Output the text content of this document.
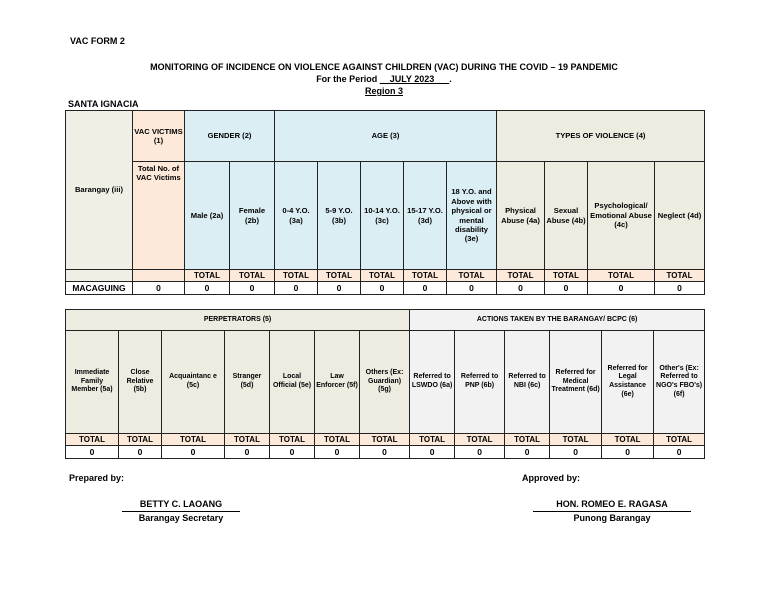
VAC FORM 2
MONITORING OF INCIDENCE ON VIOLENCE AGAINST CHILDREN (VAC) DURING THE COVID – 19 PANDEMIC
For the Period JULY 2023 .
Region 3
SANTA IGNACIA
Barangay (iii)	VAC VICTIMS (1)	GENDER (2)		AGE (3)					TYPES OF VIOLENCE (4)			
	Total No. of VAC Victims	Male (2a)	Female (2b)	0-4 Y.O. (3a)	5-9 Y.O. (3b)	10-14 Y.O. (3c)	15-17 Y.O. (3d)	18 Y.O. and Above with physical or mental disability (3e)	Physical Abuse (4a)	Sexual Abuse (4b)	Psychological/ Emotional Abuse (4c)	Neglect (4d)
		TOTAL	TOTAL	TOTAL	TOTAL	TOTAL	TOTAL	TOTAL	TOTAL	TOTAL	TOTAL	TOTAL
MACAGUING	0	0	0	0	0	0	0	0	0	0	0	0
PERPETRATORS (5)							ACTIONS TAKEN BY THE BARANGAY/ BCPC (6)					
Immediate Family Member (5a)	Close Relative (5b)	Acquaintanc e (5c)	Stranger (5d)	Local Official (5e)	Law Enforcer (5f)	Others (Ex: Guardian) (5g)	Referred to LSWDO (6a)	Referred to PNP (6b)	Referred to NBI (6c)	Referred for Medical Treatment (6d)	Referred for Legal Assistance (6e)	Other's (Ex: Referred to NGO's FBO's) (6f)
TOTAL	TOTAL	TOTAL	TOTAL	TOTAL	TOTAL	TOTAL	TOTAL	TOTAL	TOTAL	TOTAL	TOTAL	TOTAL
0	0	0	0	0	0	0	0	0	0	0	0	0
Prepared by:	Approved by:
BETTY C. LAOANG
Barangay Secretary
HON. ROMEO E. RAGASA
Punong Barangay
